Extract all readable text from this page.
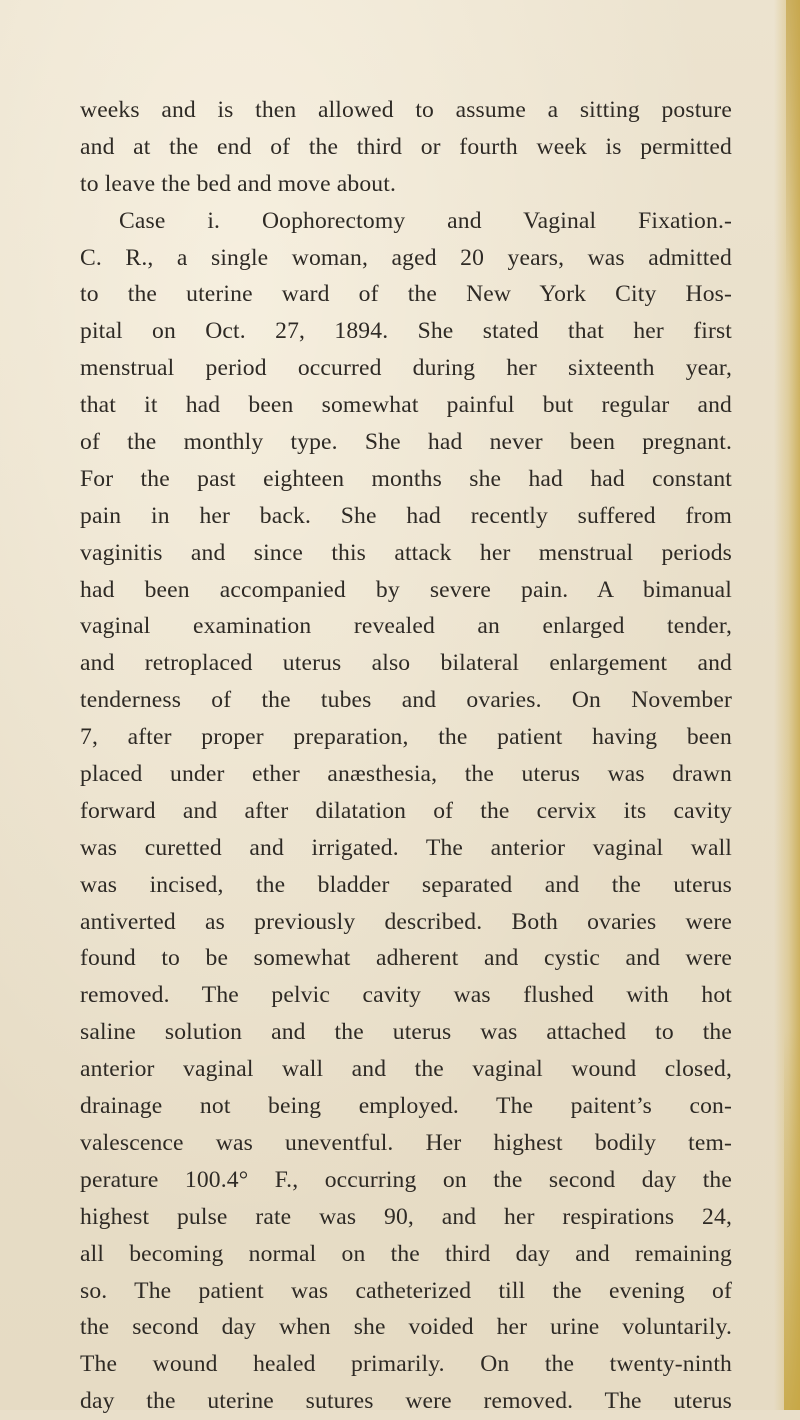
weeks and is then allowed to assume a sitting posture
and at the end of the third or fourth week is permitted
to leave the bed and move about.
Case i. Oophorectomy and Vaginal Fixation.-
C. R., a single woman, aged 20 years, was admitted
to the uterine ward of the New York City Hos-
pital on Oct. 27, 1894. She stated that her first
menstrual period occurred during her sixteenth year,
that it had been somewhat painful but regular and
of the monthly type. She had never been pregnant.
For the past eighteen months she had had constant
pain in her back. She had recently suffered from
vaginitis and since this attack her menstrual periods
had been accompanied by severe pain. A bimanual
vaginal examination revealed an enlarged tender,
and retroplaced uterus also bilateral enlargement and
tenderness of the tubes and ovaries. On November
7, after proper preparation, the patient having been
placed under ether anæsthesia, the uterus was drawn
forward and after dilatation of the cervix its cavity
was curetted and irrigated. The anterior vaginal wall
was incised, the bladder separated and the uterus
antiverted as previously described. Both ovaries were
found to be somewhat adherent and cystic and were
removed. The pelvic cavity was flushed with hot
saline solution and the uterus was attached to the
anterior vaginal wall and the vaginal wound closed,
drainage not being employed. The paitent’s con-
valescence was uneventful. Her highest bodily tem-
perature 100.4° F., occurring on the second day the
highest pulse rate was 90, and her respirations 24,
all becoming normal on the third day and remaining
so. The patient was catheterized till the evening of
the second day when she voided her urine voluntarily.
The wound healed primarily. On the twenty-ninth
day the uterine sutures were removed. The uterus
